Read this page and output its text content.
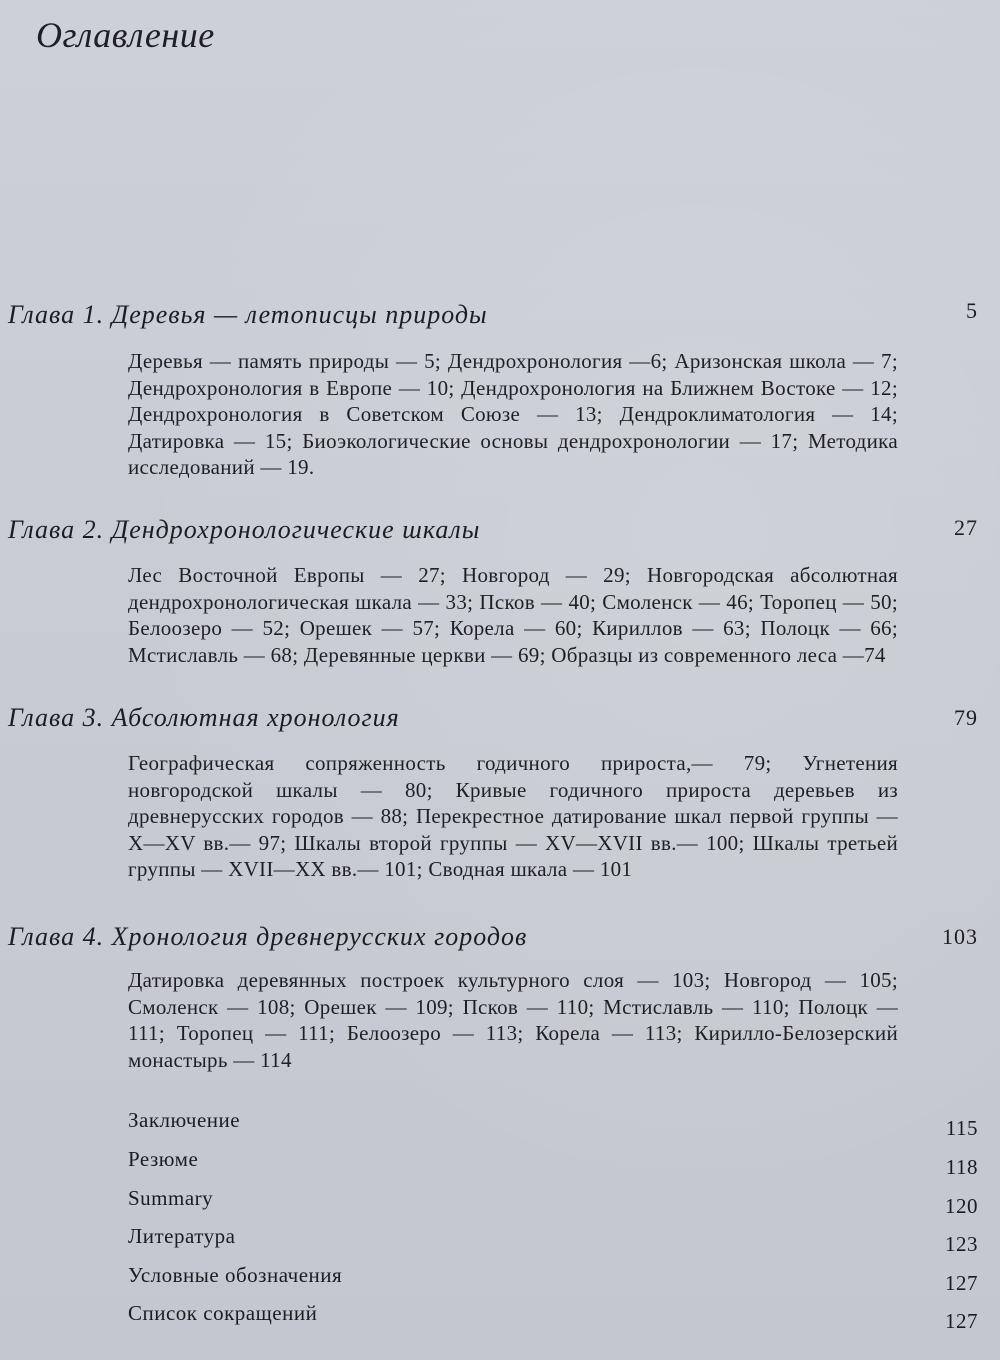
Оглавление
Глава 1. Деревья — летописцы природы	5
Деревья — память природы — 5; Дендрохронология —6; Аризонская школа — 7; Дендрохронология в Европе — 10; Дендрохронология на Ближнем Востоке — 12; Дендрохронология в Советском Союзе — 13; Дендроклиматология — 14; Датировка — 15; Биоэкологические основы дендрохронологии — 17; Методика исследований — 19.
Глава 2. Дендрохронологические шкалы	27
Лес Восточной Европы — 27; Новгород — 29; Новгородская абсолютная дендрохронологическая шкала — 33; Псков — 40; Смоленск — 46; Торопец — 50; Белоозеро — 52; Орешек — 57; Корела — 60; Кириллов — 63; Полоцк — 66; Мстиславль — 68; Деревянные церкви — 69; Образцы из современного леса —74
Глава 3. Абсолютная хронология	79
Географическая сопряженность годичного прироста,— 79; Угнетения новгородской шкалы — 80; Кривые годичного прироста деревьев из древнерусских городов — 88; Перекрестное датирование шкал первой группы — X—XV вв.— 97; Шкалы второй группы — XV—XVII вв.— 100; Шкалы третьей группы — XVII—XX вв.— 101; Сводная шкала — 101
Глава 4. Хронология древнерусских городов	103
Датировка деревянных построек культурного слоя — 103; Новгород — 105; Смоленск — 108; Орешек — 109; Псков — 110; Мстиславль — 110; Полоцк — 111; Торопец — 111; Белоозеро — 113; Корела — 113; Кирилло-Белозерский монастырь — 114
Заключение	115
Резюме	118
Summary	120
Литература	123
Условные обозначения	127
Список сокращений	127
